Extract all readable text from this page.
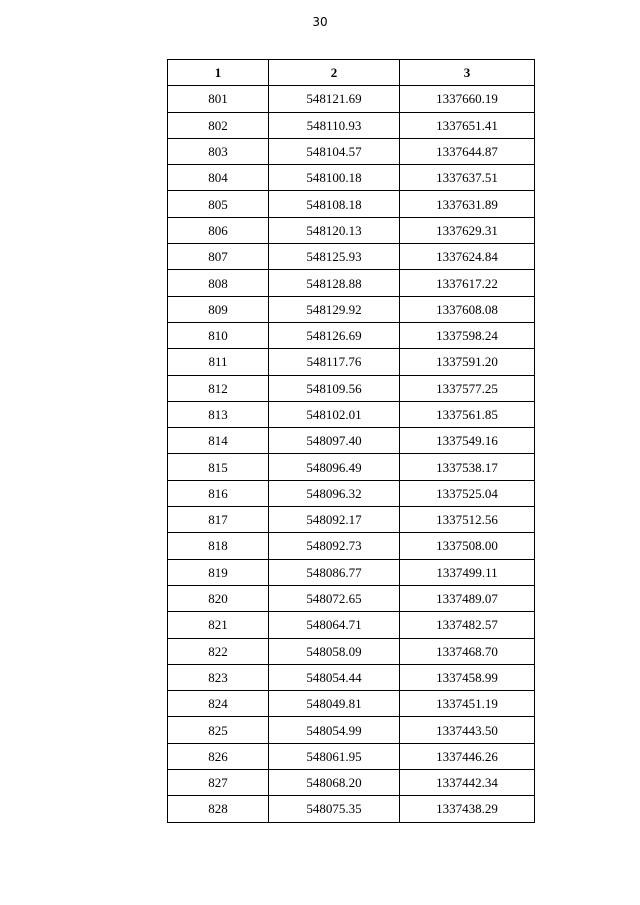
30
1	2	3
801	548121.69	1337660.19
802	548110.93	1337651.41
803	548104.57	1337644.87
804	548100.18	1337637.51
805	548108.18	1337631.89
806	548120.13	1337629.31
807	548125.93	1337624.84
808	548128.88	1337617.22
809	548129.92	1337608.08
810	548126.69	1337598.24
811	548117.76	1337591.20
812	548109.56	1337577.25
813	548102.01	1337561.85
814	548097.40	1337549.16
815	548096.49	1337538.17
816	548096.32	1337525.04
817	548092.17	1337512.56
818	548092.73	1337508.00
819	548086.77	1337499.11
820	548072.65	1337489.07
821	548064.71	1337482.57
822	548058.09	1337468.70
823	548054.44	1337458.99
824	548049.81	1337451.19
825	548054.99	1337443.50
826	548061.95	1337446.26
827	548068.20	1337442.34
828	548075.35	1337438.29
